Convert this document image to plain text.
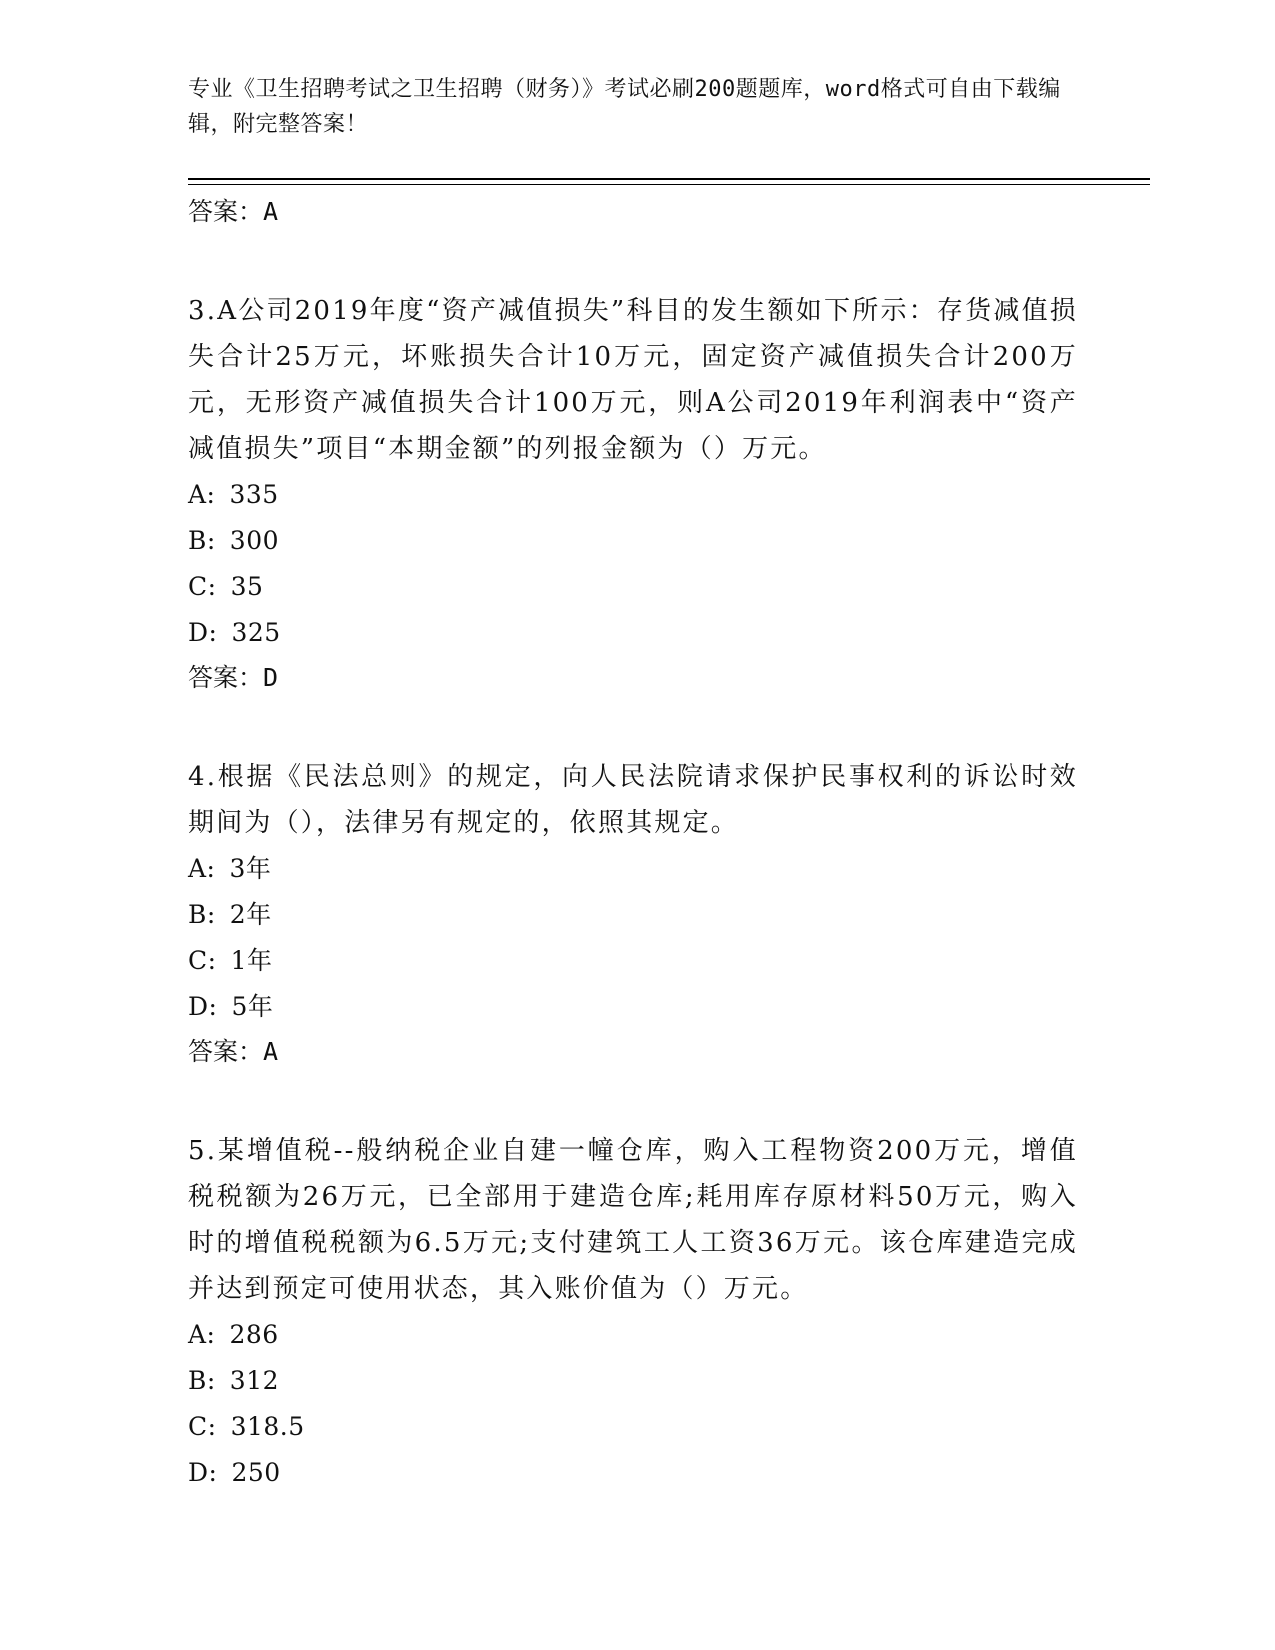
专业《卫生招聘考试之卫生招聘（财务）》考试必刷200题题库，word格式可自由下载编辑，附完整答案！
答案：A
3.A公司2019年度“资产减值损失”科目的发生额如下所示：存货减值损失合计25万元，坏账损失合计10万元，固定资产减值损失合计200万元，无形资产减值损失合计100万元，则A公司2019年利润表中“资产减值损失”项目“本期金额”的列报金额为（）万元。
A: 335
B: 300
C: 35
D: 325
答案：D
4.根据《民法总则》的规定，向人民法院请求保护民事权利的诉讼时效期间为（），法律另有规定的，依照其规定。
A: 3年
B: 2年
C: 1年
D: 5年
答案：A
5.某增值税--般纳税企业自建一幢仓库，购入工程物资200万元，增值税税额为26万元，已全部用于建造仓库;耗用库存原材料50万元，购入时的增值税税额为6.5万元;支付建筑工人工资36万元。该仓库建造完成并达到预定可使用状态，其入账价值为（）万元。
A: 286
B: 312
C: 318.5
D: 250
